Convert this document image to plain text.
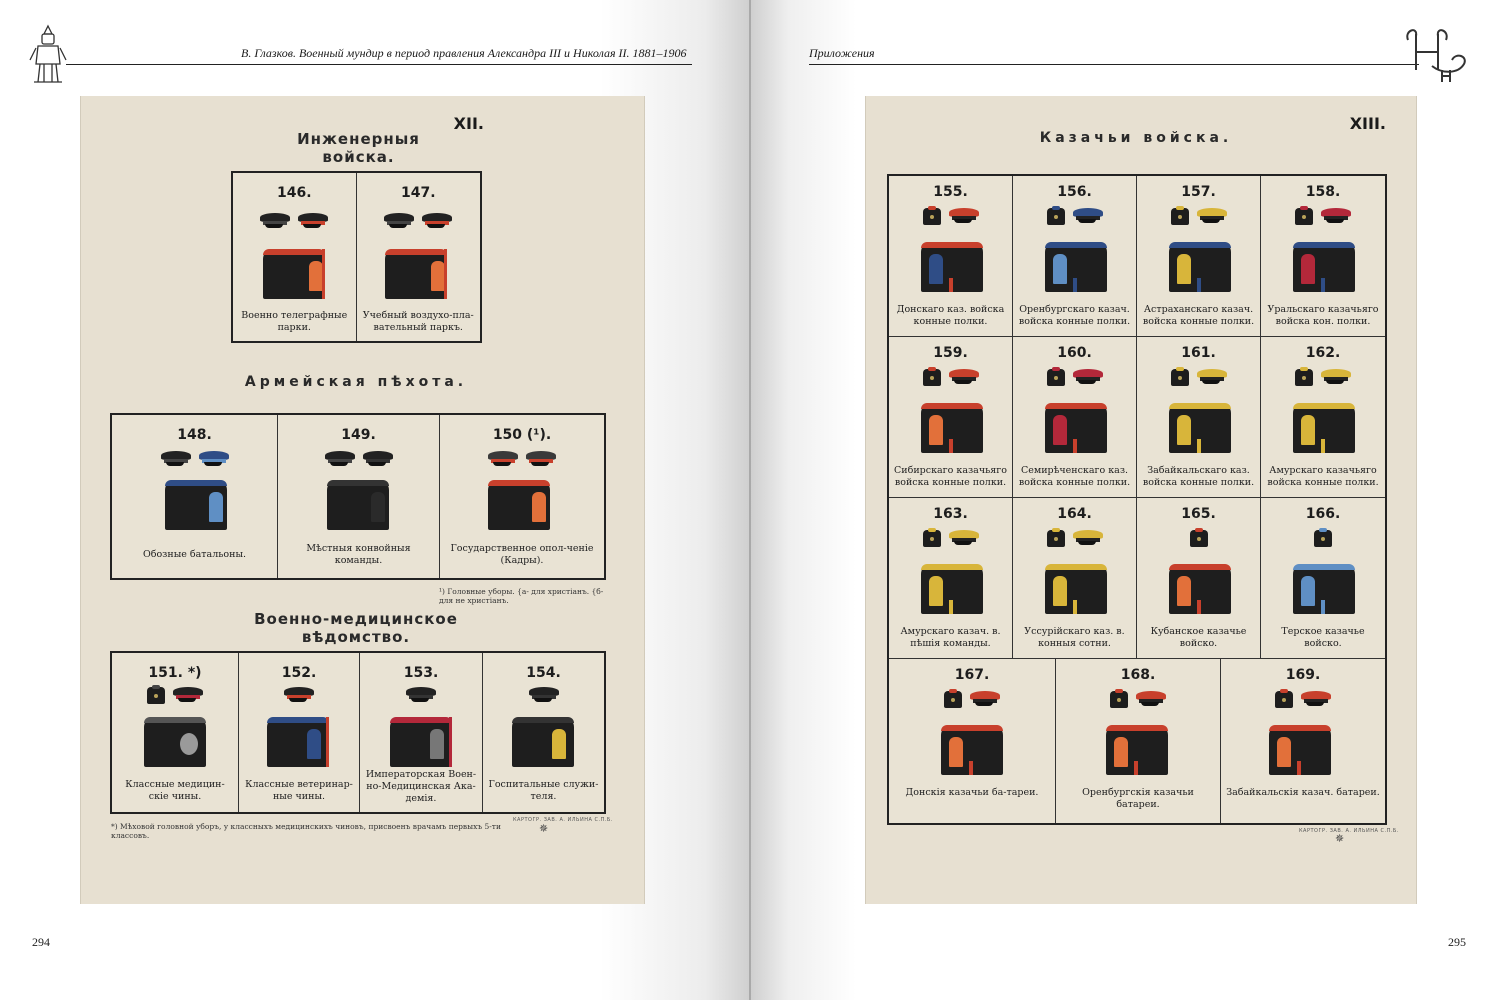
В. Глазков. Военный мундир в период правления Александра III и Николая II. 1881–1906
XII.
Инженерныя войска.
146.
Военно телеграфные парки.
147.
Учебный воздухо-пла-вательный паркъ.
Армейская пѣхота.
148.
Обозные батальоны.
149.
Мѣстныя конвойныя команды.
150 (¹).
Государственное опол-ченіе (Кадры).
¹) Головные уборы. {а- для христіанъ. {б- для не христіанъ.
Военно-медицинское вѣдомство.
151. *)
Классные медицин-скіе чины.
152.
Классные ветеринар-ные чины.
153.
Императорская Воен-но-Медицинская Ака-демія.
154.
Госпитальные служи-теля.
КАРТОГР. ЗАВ. А. ИЛЬИНА С.П.Б.
✵
*) Мѣховой головной уборъ, у классныхъ медицинскихъ чиновъ, присвоенъ врачамъ первыхъ 5-ти классовъ.
294
Приложения
XIII.
Казачьи войска.
155.
Донскаго каз. войска конные полки.
156.
Оренбургскаго казач. войска конные полки.
157.
Астраханскаго казач. войска конные полки.
158.
Уральскаго казачьяго войска кон. полки.
159.
Сибирскаго казачьяго войска конные полки.
160.
Семирѣченскаго каз. войска конные полки.
161.
Забайкальскаго каз. войска конные полки.
162.
Амурскаго казачьяго войска конные полки.
163.
Амурскаго казач. в. пѣшія команды.
164.
Уссурійскаго каз. в. конныя сотни.
165.
Кубанское казачье войско.
166.
Терское казачье войско.
167.
Донскія казачьи ба-тареи.
168.
Оренбургскія казачьи батареи.
169.
Забайкальскія казач. батареи.
КАРТОГР. ЗАВ. А. ИЛЬИНА С.П.Б.
✵
295
